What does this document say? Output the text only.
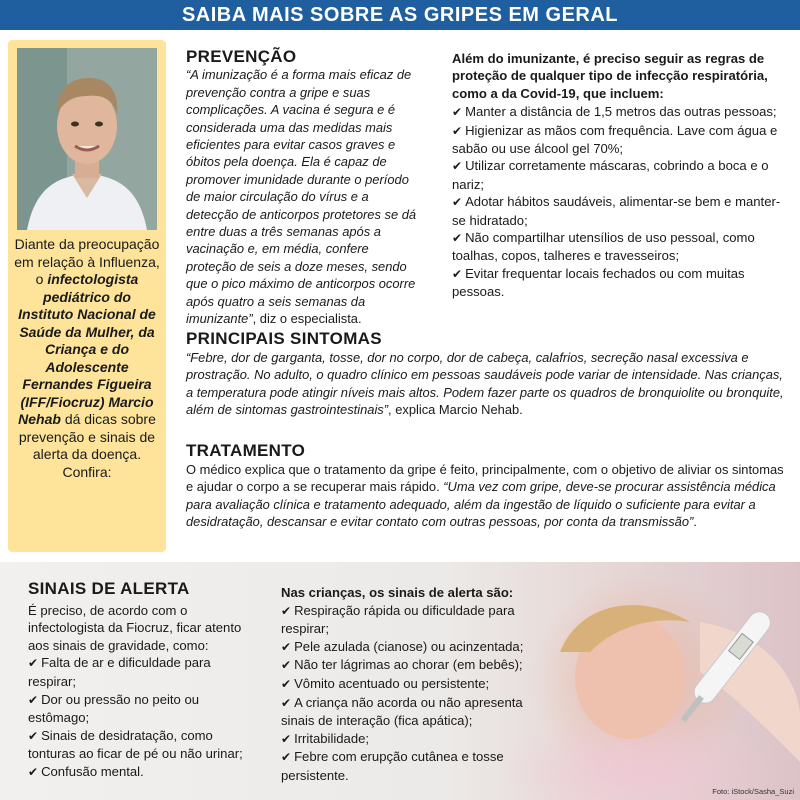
SAIBA MAIS SOBRE AS GRIPES EM GERAL
Diante da preocupação em relação à Influenza, o infectologista pediátrico do Instituto Nacional de Saúde da Mulher, da Criança e do Adolescente Fernandes Figueira (IFF/Fiocruz) Marcio Nehab dá dicas sobre prevenção e sinais de alerta da doença. Confira:
PREVENÇÃO
“A imunização é a forma mais eficaz de prevenção contra a gripe e suas complicações. A vacina é segura e é considerada uma das medidas mais eficientes para evitar casos graves e óbitos pela doença. Ela é capaz de promover imunidade durante o período de maior circulação do vírus e a detecção de anticorpos protetores se dá entre duas a três semanas após a vacinação e, em média, confere proteção de seis a doze meses, sendo que o pico máximo de anticorpos ocorre após quatro a seis semanas da imunizante”, diz o especialista.
Além do imunizante, é preciso seguir as regras de proteção de qualquer tipo de infecção respiratória, como a da Covid-19, que incluem:
✔ Manter a distância de 1,5 metros das outras pessoas;
✔ Higienizar as mãos com frequência. Lave com água e sabão ou use álcool gel 70%;
✔ Utilizar corretamente máscaras, cobrindo a boca e o nariz;
✔ Adotar hábitos saudáveis, alimentar-se bem e manter-se hidratado;
✔ Não compartilhar utensílios de uso pessoal, como toalhas, copos, talheres e travesseiros;
✔ Evitar frequentar locais fechados ou com muitas pessoas.
PRINCIPAIS SINTOMAS
“Febre, dor de garganta, tosse, dor no corpo, dor de cabeça, calafrios, secreção nasal excessiva e prostração. No adulto, o quadro clínico em pessoas saudáveis pode variar de intensidade. Nas crianças, a temperatura pode atingir níveis mais altos. Podem fazer parte os quadros de bronquiolite ou bronquite, além de sintomas gastrointestinais”, explica Marcio Nehab.
TRATAMENTO
O médico explica que o tratamento da gripe é feito, principalmente, com o objetivo de aliviar os sintomas e ajudar o corpo a se recuperar mais rápido. “Uma vez com gripe, deve-se procurar assistência médica para avaliação clínica e tratamento adequado, além da ingestão de líquido o suficiente para evitar a desidratação, descansar e evitar contato com outras pessoas, por conta da transmissão”.
SINAIS DE ALERTA
É preciso, de acordo com o infectologista da Fiocruz, ficar atento aos sinais de gravidade, como:
✔ Falta de ar e dificuldade para respirar;
✔ Dor ou pressão no peito ou estômago;
✔ Sinais de desidratação, como tonturas ao ficar de pé ou não urinar;
✔ Confusão mental.
Nas crianças, os sinais de alerta são:
✔ Respiração rápida ou dificuldade para respirar;
✔ Pele azulada (cianose) ou acinzentada;
✔ Não ter lágrimas ao chorar (em bebês);
✔ Vômito acentuado ou persistente;
✔ A criança não acorda ou não apresenta sinais de interação (fica apática);
✔ Irritabilidade;
✔ Febre com erupção cutânea e tosse persistente.
Foto: iStock/Sasha_Suzi
